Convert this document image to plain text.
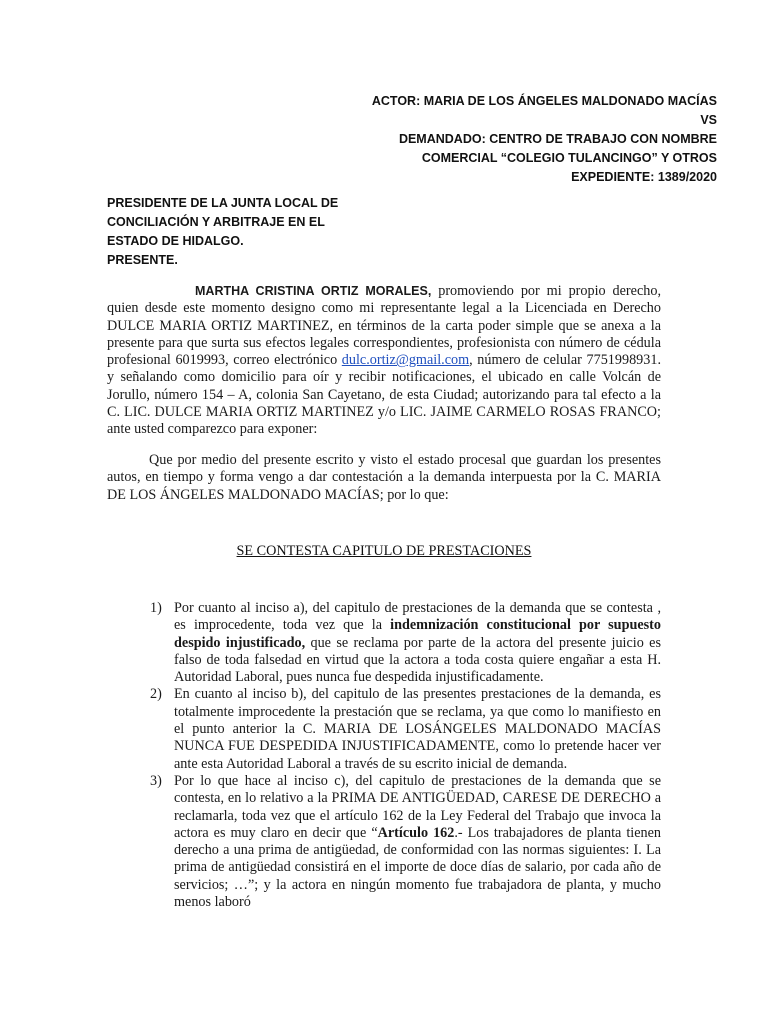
ACTOR: MARIA DE LOS ÁNGELES MALDONADO MACÍAS
VS
DEMANDADO: CENTRO DE TRABAJO CON NOMBRE
COMERCIAL “COLEGIO TULANCINGO” Y OTROS
EXPEDIENTE: 1389/2020
PRESIDENTE DE LA JUNTA LOCAL DE
CONCILIACIÓN Y ARBITRAJE EN EL
ESTADO DE HIDALGO.
PRESENTE.
MARTHA CRISTINA ORTIZ MORALES, promoviendo por mi propio derecho, quien desde este momento designo como mi representante legal a la Licenciada en Derecho DULCE MARIA ORTIZ MARTINEZ, en términos de la carta poder simple que se anexa a la presente para que surta sus efectos legales correspondientes, profesionista con número de cédula profesional 6019993, correo electrónico dulc.ortiz@gmail.com, número de celular 7751998931. y señalando como domicilio para oír y recibir notificaciones, el ubicado en calle Volcán de Jorullo, número 154 – A, colonia San Cayetano, de esta Ciudad; autorizando para tal efecto a la C. LIC. DULCE MARIA ORTIZ MARTINEZ y/o LIC. JAIME CARMELO ROSAS FRANCO; ante usted comparezco para exponer:
Que por medio del presente escrito y visto el estado procesal que guardan los presentes autos, en tiempo y forma vengo a dar contestación a la demanda interpuesta por la C. MARIA DE LOS ÁNGELES MALDONADO MACÍAS; por lo que:
SE CONTESTA CAPITULO DE PRESTACIONES
1) Por cuanto al inciso a), del capitulo de prestaciones de la demanda que se contesta , es improcedente, toda vez que la indemnización constitucional por supuesto despido injustificado, que se reclama por parte de la actora del presente juicio es falso de toda falsedad en virtud que la actora a toda costa quiere engañar a esta H. Autoridad Laboral, pues nunca fue despedida injustificadamente.
2) En cuanto al inciso b), del capitulo de las presentes prestaciones de la demanda, es totalmente improcedente la prestación que se reclama, ya que como lo manifiesto en el punto anterior la C. MARIA DE LOSÁNGELES MALDONADO MACÍAS NUNCA FUE DESPEDIDA INJUSTIFICADAMENTE, como lo pretende hacer ver ante esta Autoridad Laboral a través de su escrito inicial de demanda.
3) Por lo que hace al inciso c), del capitulo de prestaciones de la demanda que se contesta, en lo relativo a la PRIMA DE ANTIGÜEDAD, CARESE DE DERECHO a reclamarla, toda vez que el artículo 162 de la Ley Federal del Trabajo que invoca la actora es muy claro en decir que “Artículo 162.- Los trabajadores de planta tienen derecho a una prima de antigüedad, de conformidad con las normas siguientes: I. La prima de antigüedad consistirá en el importe de doce días de salario, por cada año de servicios; …”; y la actora en ningún momento fue trabajadora de planta, y mucho menos laboró
